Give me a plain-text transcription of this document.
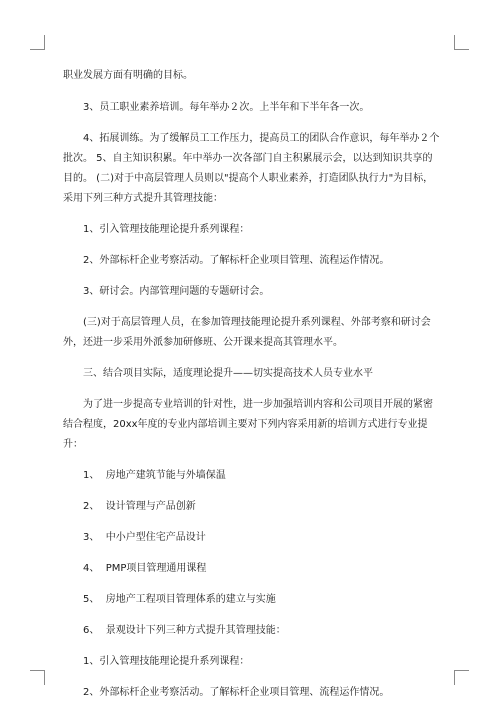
职业发展方面有明确的目标。

3、员工职业素养培训。每年举办２次。上半年和下半年各一次。

4、拓展训练。为了缓解员工工作压力，提高员工的团队合作意识，每年举办２个批次。 5、自主知识积累。年中举办一次各部门自主积累展示会，以达到知识共享的目的。 (二)对于中高层管理人员则以"提高个人职业素养，打造团队执行力"为目标，采用下列三种方式提升其管理技能：

1、引入管理技能理论提升系列课程：

2、外部标杆企业考察活动。了解标杆企业项目管理、流程运作情况。

3、研讨会。内部管理问题的专题研讨会。

(三)对于高层管理人员，在参加管理技能理论提升系列课程、外部考察和研讨会外，还进一步采用外派参加研修班、公开课来提高其管理水平。

三、结合项目实际，适度理论提升——切实提高技术人员专业水平

为了进一步提高专业培训的针对性，进一步加强培训内容和公司项目开展的紧密结合程度，20xx年度的专业内部培训主要对下列内容采用新的培训方式进行专业提升：

1、  房地产建筑节能与外墙保温

2、  设计管理与产品创新

3、  中小户型住宅产品设计

4、  PMP项目管理通用课程

5、  房地产工程项目管理体系的建立与实施

6、  景观设计下列三种方式提升其管理技能：

1、引入管理技能理论提升系列课程：

2、外部标杆企业考察活动。了解标杆企业项目管理、流程运作情况。
